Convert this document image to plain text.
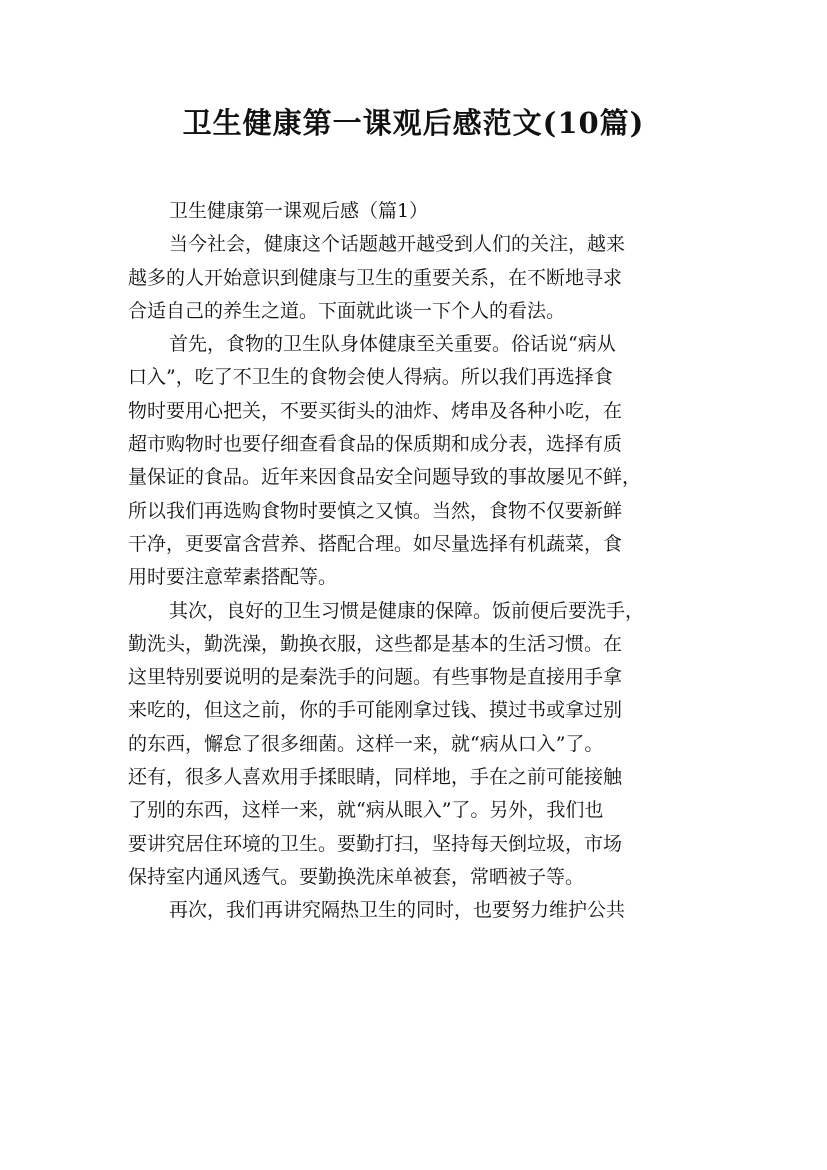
卫生健康第一课观后感范文(10篇)
卫生健康第一课观后感（篇1）
当今社会，健康这个话题越开越受到人们的关注，越来
越多的人开始意识到健康与卫生的重要关系，在不断地寻求
合适自己的养生之道。下面就此谈一下个人的看法。
首先，食物的卫生队身体健康至关重要。俗话说“病从
口入”，吃了不卫生的食物会使人得病。所以我们再选择食
物时要用心把关，不要买街头的油炸、烤串及各种小吃，在
超市购物时也要仔细查看食品的保质期和成分表，选择有质
量保证的食品。近年来因食品安全问题导致的事故屡见不鲜，
所以我们再选购食物时要慎之又慎。当然，食物不仅要新鲜
干净，更要富含营养、搭配合理。如尽量选择有机蔬菜，食
用时要注意荤素搭配等。
其次，良好的卫生习惯是健康的保障。饭前便后要洗手，
勤洗头，勤洗澡，勤换衣服，这些都是基本的生活习惯。在
这里特别要说明的是秦洗手的问题。有些事物是直接用手拿
来吃的，但这之前，你的手可能刚拿过钱、摸过书或拿过别
的东西，懈怠了很多细菌。这样一来，就“病从口入”了。
还有，很多人喜欢用手揉眼睛，同样地，手在之前可能接触
了别的东西，这样一来，就“病从眼入”了。另外，我们也
要讲究居住环境的卫生。要勤打扫，坚持每天倒垃圾，市场
保持室内通风透气。要勤换洗床单被套，常晒被子等。
再次，我们再讲究隔热卫生的同时，也要努力维护公共
